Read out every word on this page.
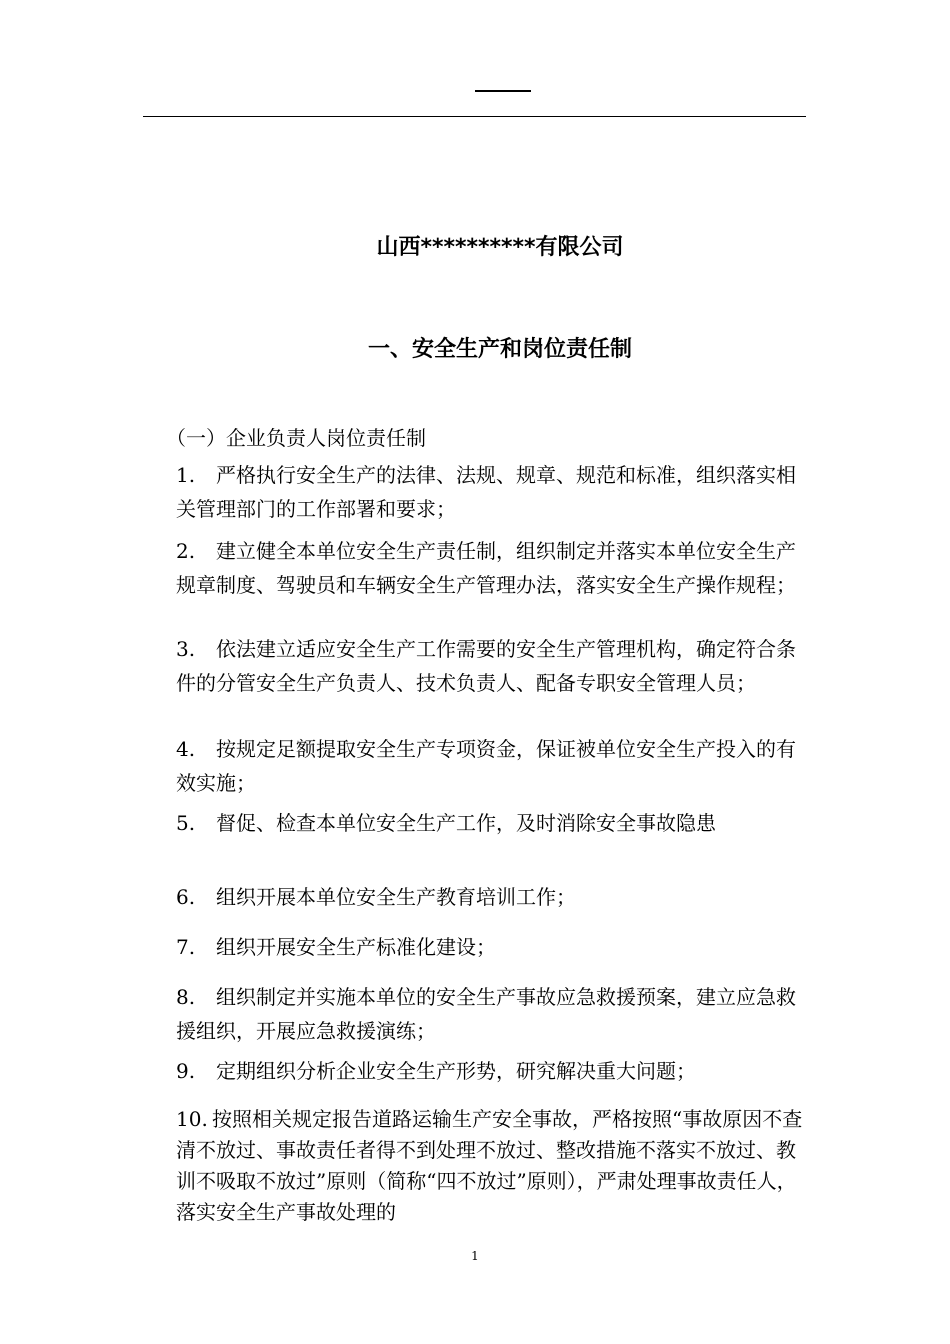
山西**********有限公司
一、安全生产和岗位责任制
（一）企业负责人岗位责任制

1. 严格执行安全生产的法律、法规、规章、规范和标准，组织落实相关管理部门的工作部署和要求；

2. 建立健全本单位安全生产责任制，组织制定并落实本单位安全生产规章制度、驾驶员和车辆安全生产管理办法，落实安全生产操作规程；

3. 依法建立适应安全生产工作需要的安全生产管理机构，确定符合条件的分管安全生产负责人、技术负责人、配备专职安全管理人员；

4. 按规定足额提取安全生产专项资金，保证被单位安全生产投入的有效实施；

5. 督促、检查本单位安全生产工作，及时消除安全事故隐患

6. 组织开展本单位安全生产教育培训工作；

7. 组织开展安全生产标准化建设；

8. 组织制定并实施本单位的安全生产事故应急救援预案，建立应急救援组织，开展应急救援演练；

9. 定期组织分析企业安全生产形势，研究解决重大问题；

10. 按照相关规定报告道路运输生产安全事故，严格按照“事故原因不查清不放过、事故责任者得不到处理不放过、整改措施不落实不放过、教训不吸取不放过”原则（简称“四不放过”原则），严肃处理事故责任人，落实安全生产事故处理的

1
